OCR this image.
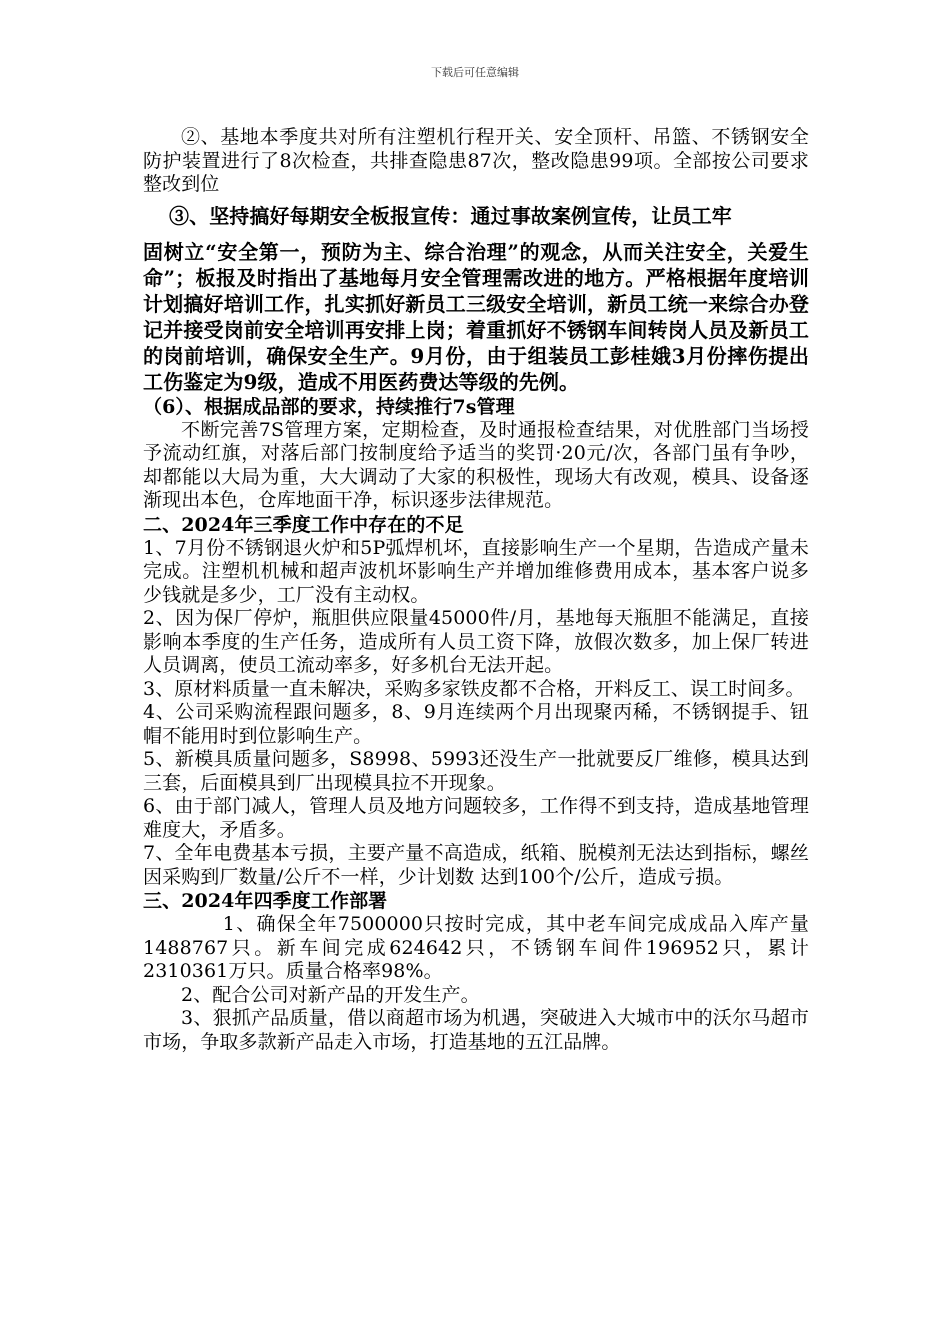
下载后可任意编辑

②、基地本季度共对所有注塑机行程开关、安全顶杆、吊篮、不锈钢安全防护装置进行了8次检查，共排查隐患87次，整改隐患99项。全部按公司要求整改到位

③、坚持搞好每期安全板报宣传：通过事故案例宣传，让员工牢

固树立“安全第一，预防为主、综合治理”的观念，从而关注安全，关爱生命”；板报及时指出了基地每月安全管理需改进的地方。严格根据年度培训计划搞好培训工作，扎实抓好新员工三级安全培训，新员工统一来综合办登记并接受岗前安全培训再安排上岗；着重抓好不锈钢车间转岗人员及新员工的岗前培训，确保安全生产。9月份，由于组装员工彭桂娥3月份摔伤提出工伤鉴定为9级，造成不用医药费达等级的先例。

（6）、根据成品部的要求，持续推行7s管理

不断完善7S管理方案，定期检查，及时通报检查结果，对优胜部门当场授予流动红旗，对落后部门按制度给予适当的奖罚·20元/次，各部门虽有争吵，却都能以大局为重，大大调动了大家的积极性，现场大有改观，模具、设备逐渐现出本色，仓库地面干净，标识逐步法律规范。

二、2024年三季度工作中存在的不足

1、7月份不锈钢退火炉和5P弧焊机坏，直接影响生产一个星期，告造成产量未完成。注塑机机械和超声波机坏影响生产并增加维修费用成本，基本客户说多少钱就是多少，工厂没有主动权。

2、因为保厂停炉，瓶胆供应限量45000件/月，基地每天瓶胆不能满足，直接影响本季度的生产任务，造成所有人员工资下降，放假次数多，加上保厂转进人员调离，使员工流动率多，好多机台无法开起。

3、原材料质量一直未解决，采购多家铁皮都不合格，开料反工、误工时间多。

4、公司采购流程跟问题多，8、9月连续两个月出现聚丙稀，不锈钢提手、钮帽不能用时到位影响生产。

5、新模具质量问题多，S8998、5993还没生产一批就要反厂维修，模具达到三套，后面模具到厂出现模具拉不开现象。

6、由于部门减人，管理人员及地方问题较多，工作得不到支持，造成基地管理难度大，矛盾多。

7、全年电费基本亏损，主要产量不高造成，纸箱、脱模剂无法达到指标，螺丝因采购到厂数量/公斤不一样，少计划数 达到100个/公斤，造成亏损。

三、2024年四季度工作部署

1、确保全年7500000只按时完成，其中老车间完成成品入库产量1488767只。新车间完成624642只，不锈钢车间件196952只，累计2310361万只。质量合格率98%。

2、配合公司对新产品的开发生产。

3、狠抓产品质量，借以商超市场为机遇，突破进入大城市中的沃尔马超市市场，争取多款新产品走入市场，打造基地的五江品牌。
